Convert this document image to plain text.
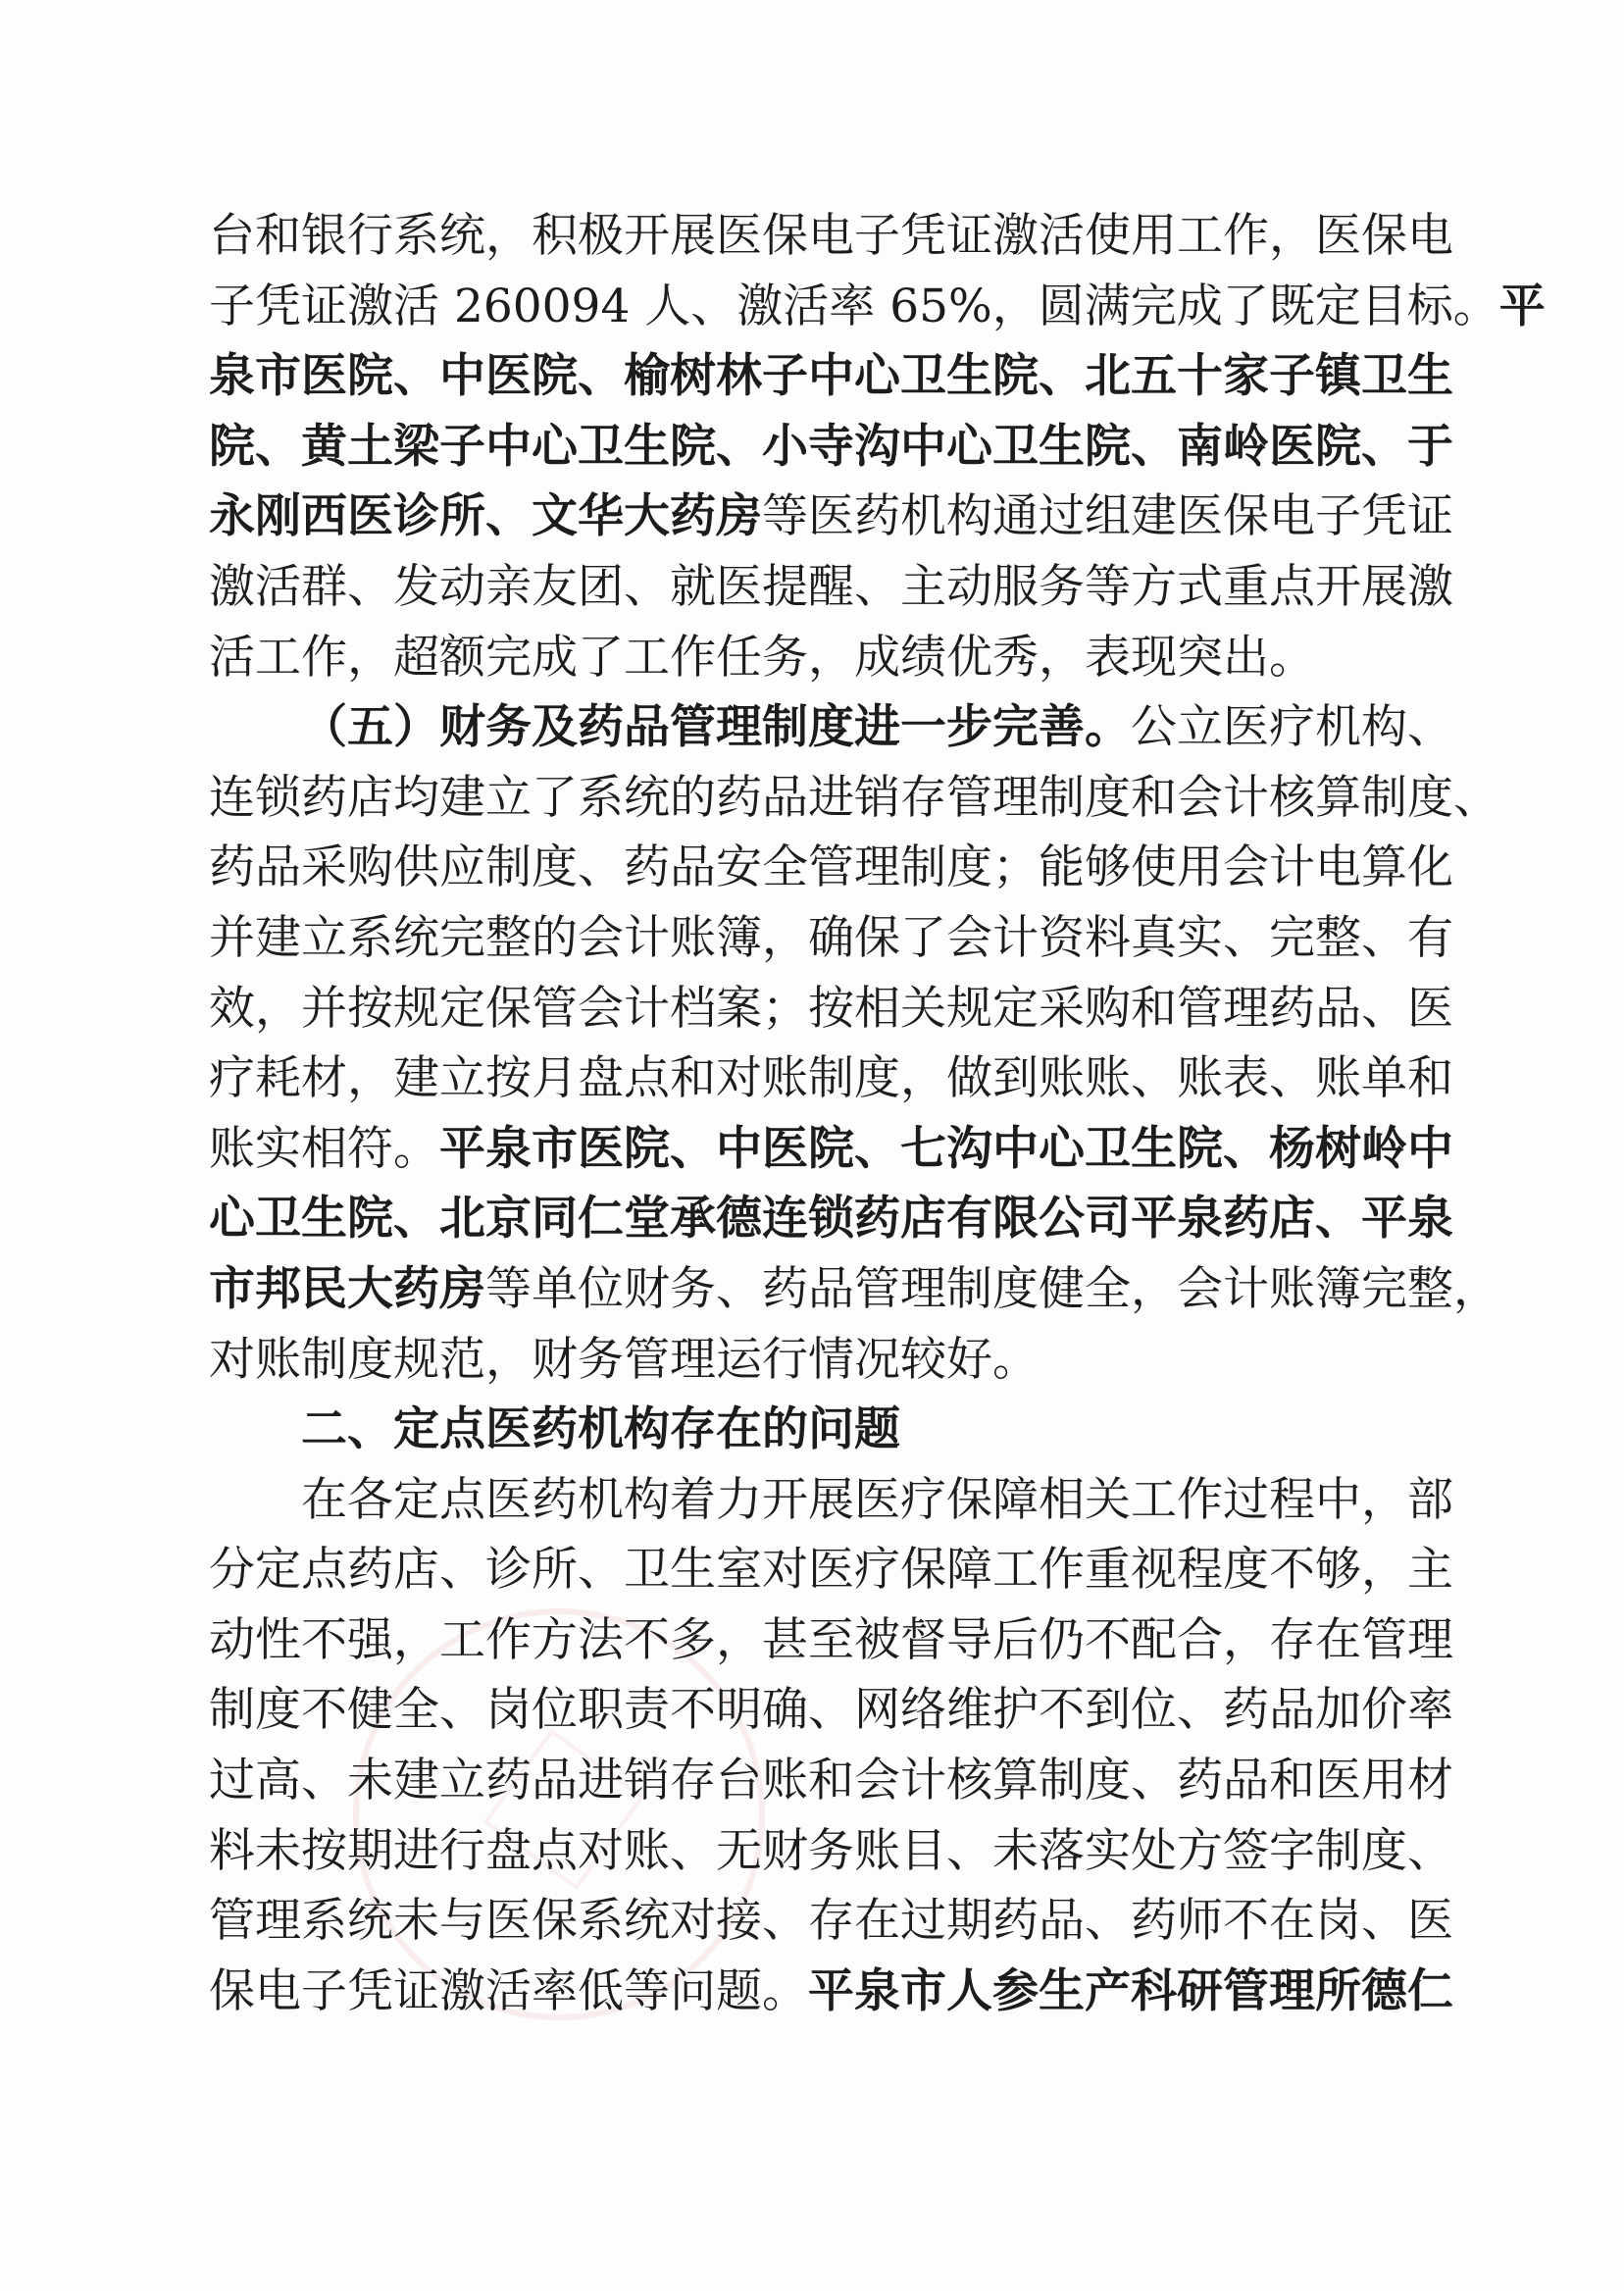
台和银行系统，积极开展医保电子凭证激活使用工作，医保电
子凭证激活 260094 人、激活率 65%，圆满完成了既定目标。平
泉市医院、中医院、榆树林子中心卫生院、北五十家子镇卫生
院、黄土梁子中心卫生院、小寺沟中心卫生院、南岭医院、于
永刚西医诊所、文华大药房等医药机构通过组建医保电子凭证
激活群、发动亲友团、就医提醒、主动服务等方式重点开展激
活工作，超额完成了工作任务，成绩优秀，表现突出。
（五）财务及药品管理制度进一步完善。公立医疗机构、
连锁药店均建立了系统的药品进销存管理制度和会计核算制度、
药品采购供应制度、药品安全管理制度；能够使用会计电算化
并建立系统完整的会计账簿，确保了会计资料真实、完整、有
效，并按规定保管会计档案；按相关规定采购和管理药品、医
疗耗材，建立按月盘点和对账制度，做到账账、账表、账单和
账实相符。平泉市医院、中医院、七沟中心卫生院、杨树岭中
心卫生院、北京同仁堂承德连锁药店有限公司平泉药店、平泉
市邦民大药房等单位财务、药品管理制度健全，会计账簿完整，
对账制度规范，财务管理运行情况较好。
二、定点医药机构存在的问题
在各定点医药机构着力开展医疗保障相关工作过程中，部
分定点药店、诊所、卫生室对医疗保障工作重视程度不够，主
动性不强，工作方法不多，甚至被督导后仍不配合，存在管理
制度不健全、岗位职责不明确、网络维护不到位、药品加价率
过高、未建立药品进销存台账和会计核算制度、药品和医用材
料未按期进行盘点对账、无财务账目、未落实处方签字制度、
管理系统未与医保系统对接、存在过期药品、药师不在岗、医
保电子凭证激活率低等问题。平泉市人参生产科研管理所德仁
